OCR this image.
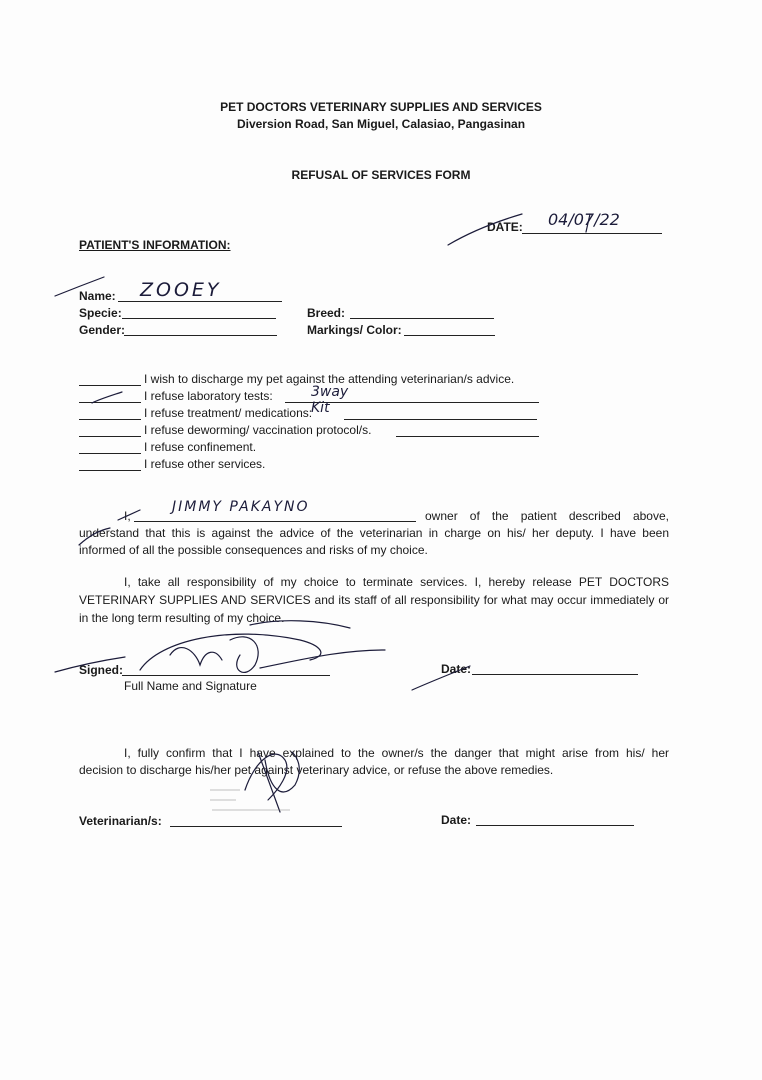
PET DOCTORS VETERINARY SUPPLIES AND SERVICES
Diversion Road, San Miguel, Calasiao, Pangasinan
REFUSAL OF SERVICES FORM
DATE: 04/07/22
PATIENT'S INFORMATION:
Name: ZOOEY
Specie:
Gender:
Breed:
Markings/ Color:
I wish to discharge my pet against the attending veterinarian/s advice.
I refuse laboratory tests:	3way Kit
I refuse treatment/ medications:
I refuse deworming/ vaccination protocol/s.
I refuse confinement.
I refuse other services.
I,
JIMMY PAKAYNO
owner of the patient described above,
understand that this is against the advice of the veterinarian in charge on his/ her deputy. I have been
informed of all the possible consequences and risks of my choice.
I, take all responsibility of my choice to terminate services. I, hereby release PET DOCTORS
VETERINARY SUPPLIES AND SERVICES and its staff of all responsibility for what may occur immediately or
in the long term resulting of my choice.
Signed:
Full Name and Signature
Date:
I, fully confirm that I have explained to the owner/s the danger that might arise from his/ her
decision to discharge his/her pet against veterinary advice, or refuse the above remedies.
Veterinarian/s:	Date:
